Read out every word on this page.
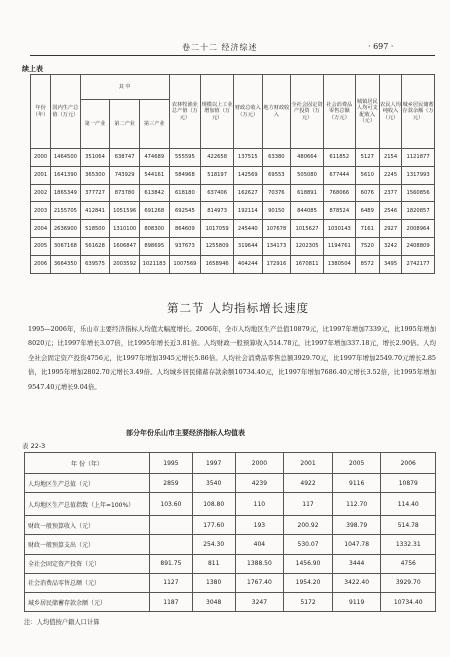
卷二十二 经济综述	· 697 ·
续上表
年份（年）	国内生产总值（万元）	其 中			农林牧渔业总产值（万元）	规模以上工业增加值（万元）	财政总收入（万元）	地方财政收入	全社会固定资产投资（万元）	社会消费品零售总额（万元）	城镇居民人均可支配收入（元）	农民人均纯收入（元）	城乡居民储蓄存款余额（万元）
		第一产业	第二产业	第三产业									
2000	1464500	351064	638747	474689	555595	422658	137515	63380	480664	611852	5127	2154	1121877
2001	1641390	365300	743929	544161	584968	518197	142569	69553	505080	677444	5610	2245	1317993
2002	1865349	377727	873780	613842	618180	637406	162627	70376	618891	768066	6076	2377	1560856
2003	2155705	412841	1051596	691268	692545	814973	192114	90150	844085	878524	6489	2546	1820857
2004	2636900	518500	1310100	808300	864609	1017059	245440	107678	1015627	1030143	7161	2927	2008964
2005	3067168	561628	1606847	898695	937673	1255809	319644	134173	1202305	1194761	7520	3242	2408809
2006	3664350	639575	2003592	1021183	1007569	1658946	404244	172916	1670811	1380504	8572	3495	2742177
第二节 人均指标增长速度
1995—2006年，乐山市主要经济指标人均值大幅度增长。2006年，全市人均地区生产总值10879元，比1997年增加7339元，比1995年增加8020元；比1997年增长3.07倍，比1995年增长近3.81倍。人均财政一般预算收入514.78元，比1997年增加337.18元，增长2.90倍。人均全社会固定资产投资4756元，比1997年增加3945元增长5.86倍。人均社会消费品零售总额3929.70元，比1997年增加2549.70元增长2.85倍，比1995年增加2802.70元增长3.49倍。人均城乡居民储蓄存款余额10734.40元，比1997年增加7686.40元增长3.52倍，比1995年增加9547.40元增长9.04倍。
部分年份乐山市主要经济指标人均值表
表 22-3
年 份（年）	1995	1997	2000	2001	2005	2006
人均地区生产总值（元）	2859	3540	4239	4922	9116	10879
人均地区生产总值指数（上年=100%）	103.60	108.80	110	117	112.70	114.40
财政一般预算收入（元）		177.60	193	200.92	398.79	514.78
财政一般预算支出（元）		254.30	404	530.07	1047.78	1332.31
全社会固定资产投资（元）	891.75	811	1388.50	1456.90	3444	4756
社会消费品零售总额（元）	1127	1380	1767.40	1954.20	3422.40	3929.70
城乡居民储蓄存款余额（元）	1187	3048	3247	5172	9119	10734.40
注：人均值按户籍人口计算
